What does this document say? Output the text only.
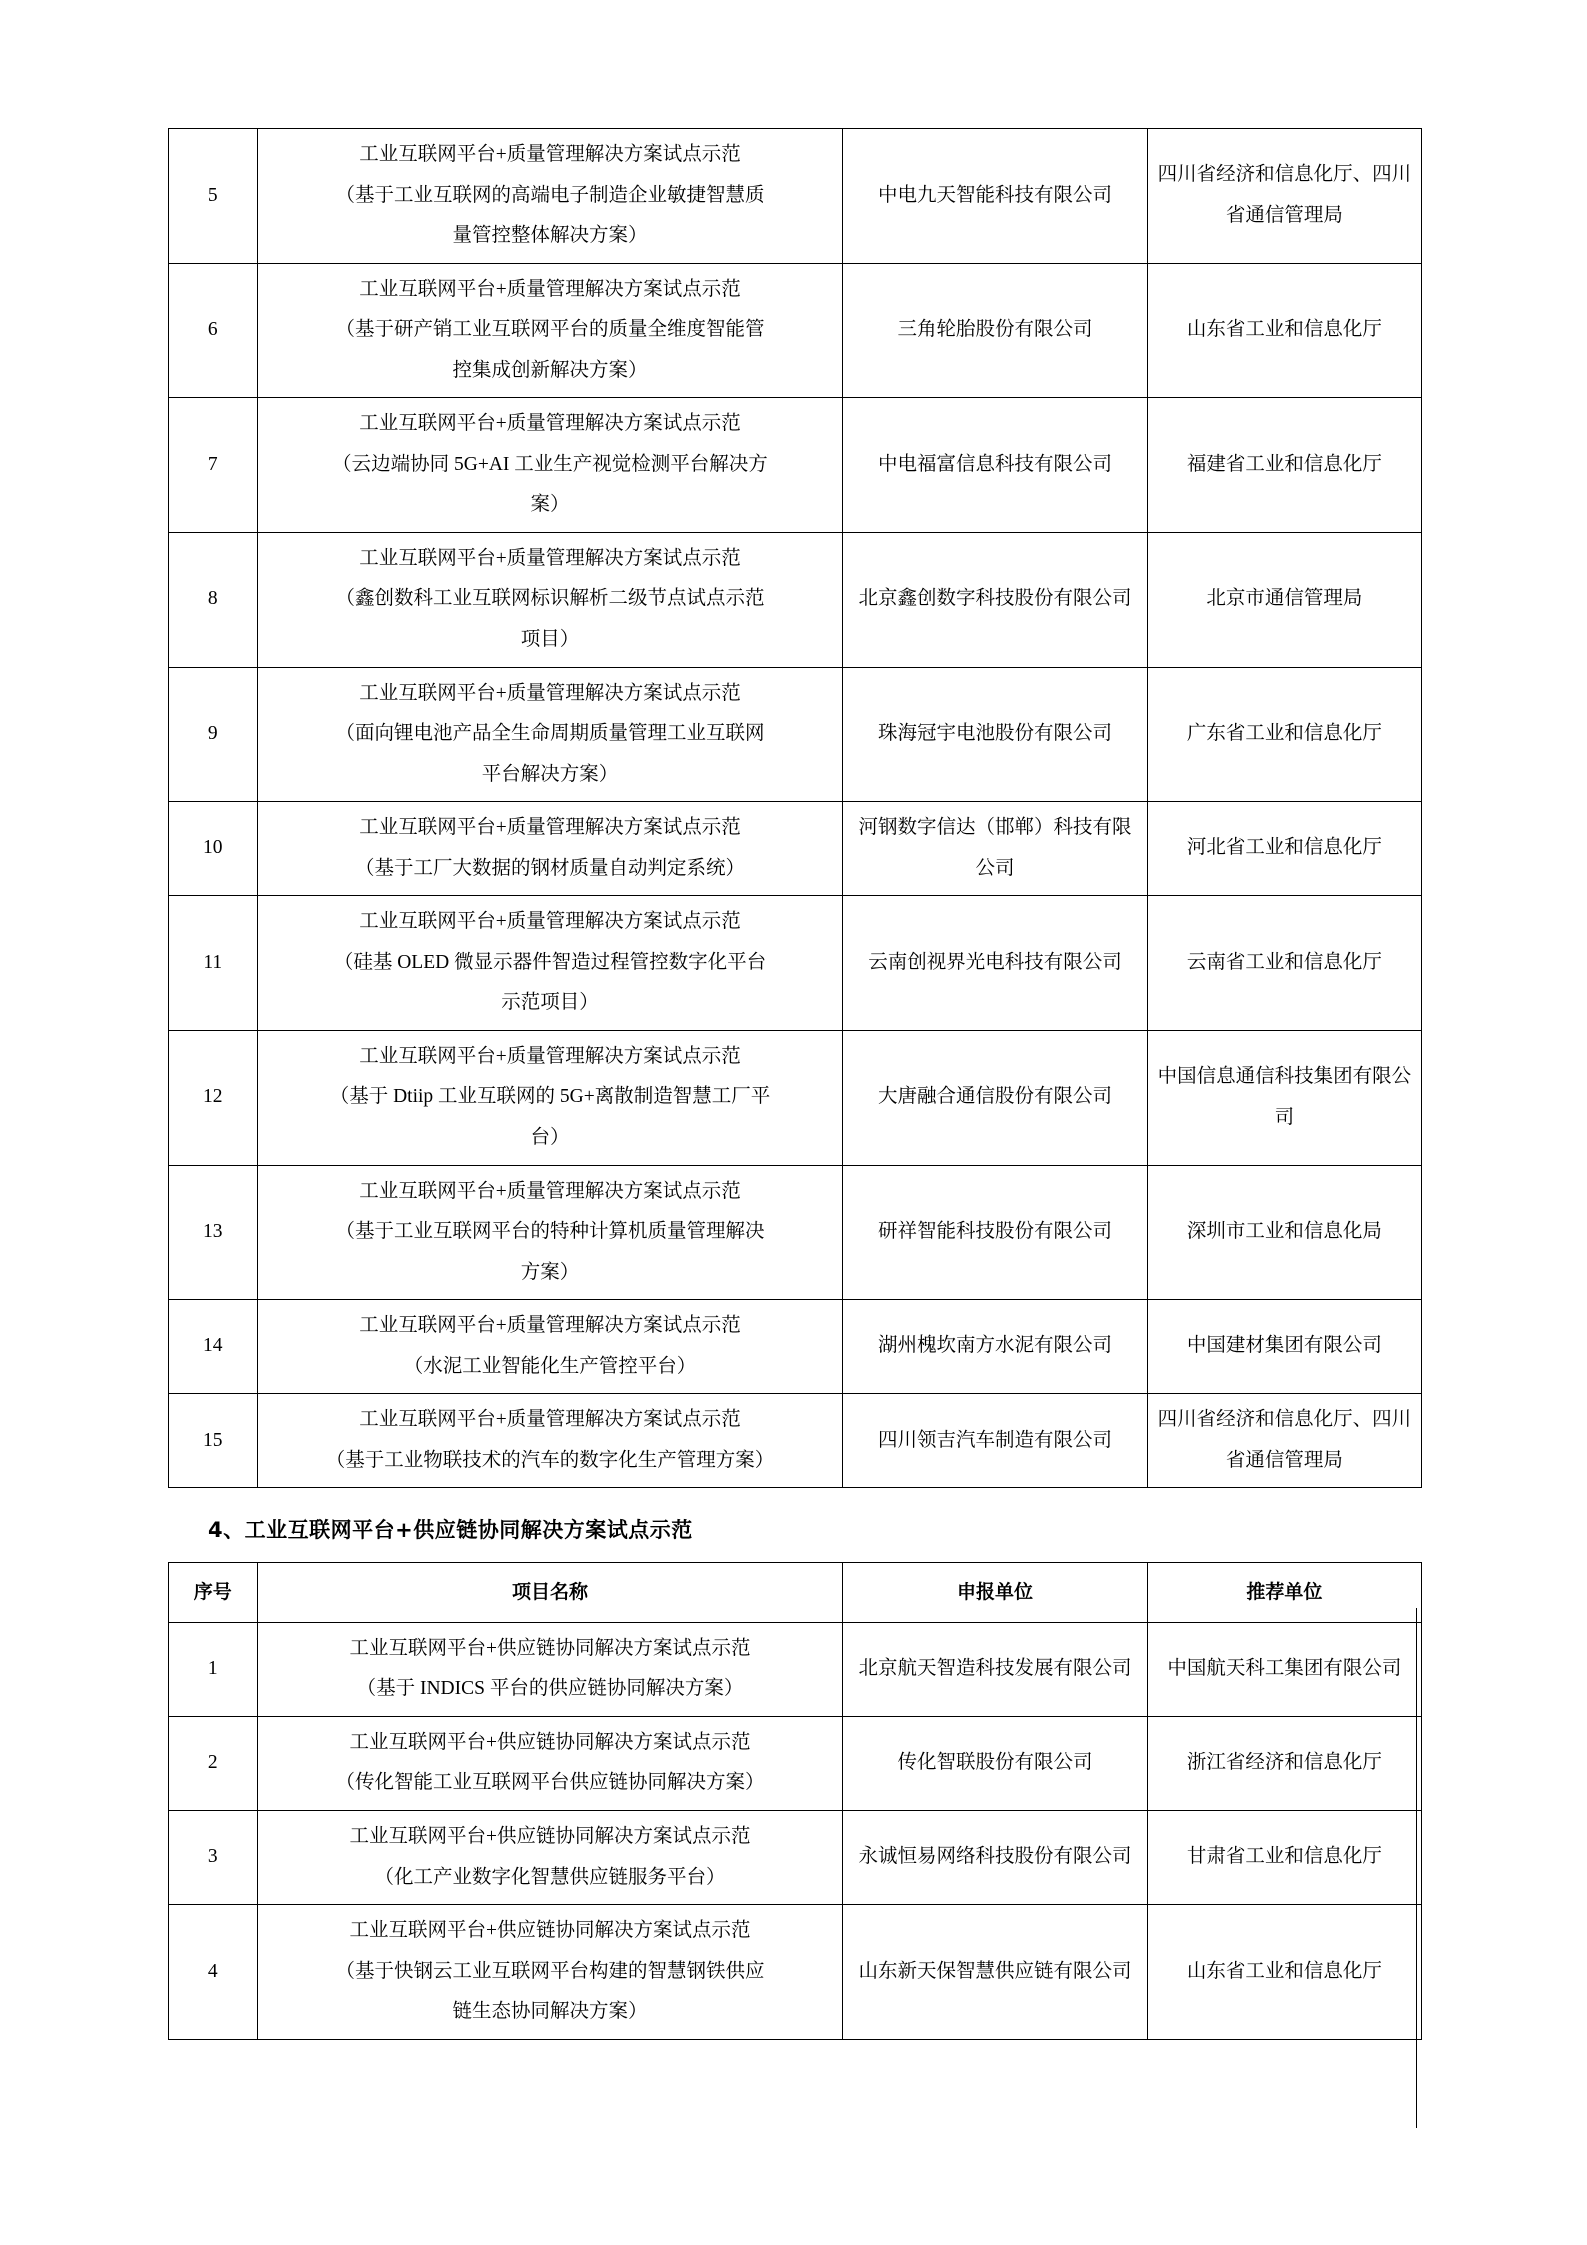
5	工业互联网平台+质量管理解决方案试点示范
（基于工业互联网的高端电子制造企业敏捷智慧质
量管控整体解决方案）	中电九天智能科技有限公司	四川省经济和信息化厅、四川省通信管理局
6	工业互联网平台+质量管理解决方案试点示范
（基于研产销工业互联网平台的质量全维度智能管
控集成创新解决方案）	三角轮胎股份有限公司	山东省工业和信息化厅
7	工业互联网平台+质量管理解决方案试点示范
（云边端协同 5G+AI 工业生产视觉检测平台解决方
案）	中电福富信息科技有限公司	福建省工业和信息化厅
8	工业互联网平台+质量管理解决方案试点示范
（鑫创数科工业互联网标识解析二级节点试点示范
项目）	北京鑫创数字科技股份有限公司	北京市通信管理局
9	工业互联网平台+质量管理解决方案试点示范
（面向锂电池产品全生命周期质量管理工业互联网
平台解决方案）	珠海冠宇电池股份有限公司	广东省工业和信息化厅
10	工业互联网平台+质量管理解决方案试点示范
（基于工厂大数据的钢材质量自动判定系统）	河钢数字信达（邯郸）科技有限公司	河北省工业和信息化厅
11	工业互联网平台+质量管理解决方案试点示范
（硅基 OLED 微显示器件智造过程管控数字化平台
示范项目）	云南创视界光电科技有限公司	云南省工业和信息化厅
12	工业互联网平台+质量管理解决方案试点示范
（基于 Dtiip 工业互联网的 5G+离散制造智慧工厂平
台）	大唐融合通信股份有限公司	中国信息通信科技集团有限公司
13	工业互联网平台+质量管理解决方案试点示范
（基于工业互联网平台的特种计算机质量管理解决
方案）	研祥智能科技股份有限公司	深圳市工业和信息化局
14	工业互联网平台+质量管理解决方案试点示范
（水泥工业智能化生产管控平台）	湖州槐坎南方水泥有限公司	中国建材集团有限公司
15	工业互联网平台+质量管理解决方案试点示范
（基于工业物联技术的汽车的数字化生产管理方案）	四川领吉汽车制造有限公司	四川省经济和信息化厅、四川省通信管理局
4、工业互联网平台+供应链协同解决方案试点示范
序号	项目名称	申报单位	推荐单位
1	工业互联网平台+供应链协同解决方案试点示范
（基于 INDICS 平台的供应链协同解决方案）	北京航天智造科技发展有限公司	中国航天科工集团有限公司
2	工业互联网平台+供应链协同解决方案试点示范
（传化智能工业互联网平台供应链协同解决方案）	传化智联股份有限公司	浙江省经济和信息化厅
3	工业互联网平台+供应链协同解决方案试点示范
（化工产业数字化智慧供应链服务平台）	永诚恒易网络科技股份有限公司	甘肃省工业和信息化厅
4	工业互联网平台+供应链协同解决方案试点示范
（基于快钢云工业互联网平台构建的智慧钢铁供应
链生态协同解决方案）	山东新天保智慧供应链有限公司	山东省工业和信息化厅
